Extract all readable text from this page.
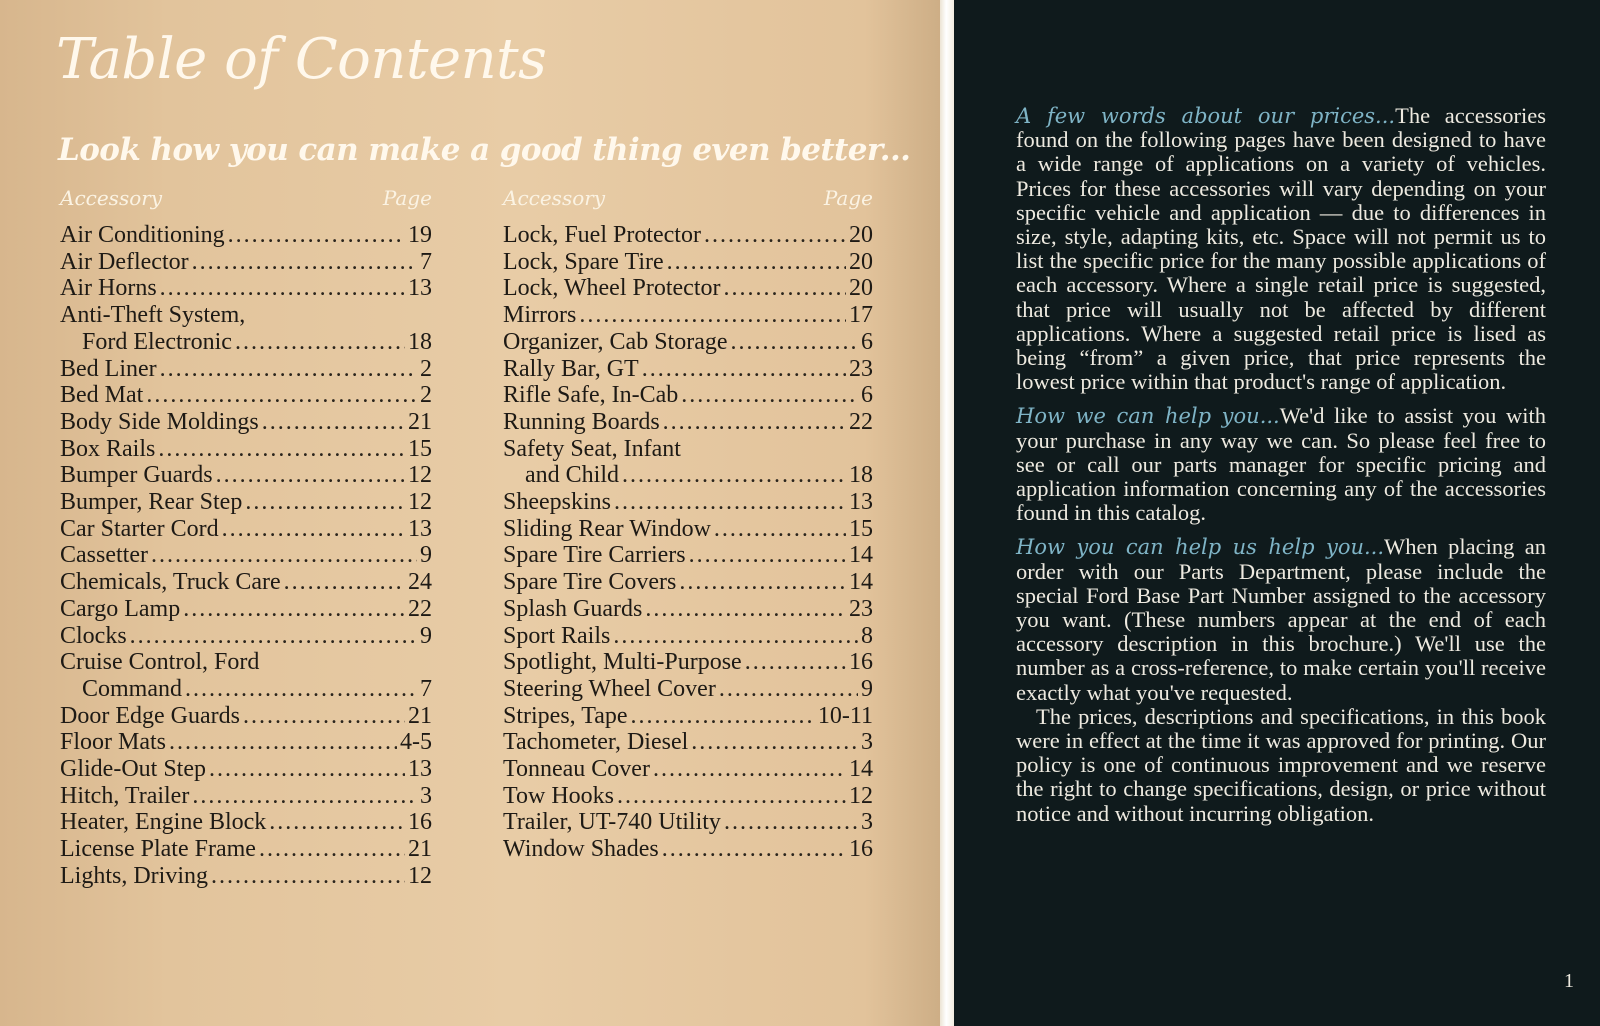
Table of Contents
Look how you can make a good thing even better...
Accessory	Page
Air Conditioning . . .	19
Air Deflector . . .	7
Air Horns . . .	13
Anti-Theft System,
Ford Electronic . . .	18
Bed Liner . . .	2
Bed Mat . . .	2
Body Side Moldings . . .	21
Box Rails . . .	15
Bumper Guards . . .	12
Bumper, Rear Step . . .	12
Car Starter Cord . . .	13
Cassetter . . .	9
Chemicals, Truck Care . . .	24
Cargo Lamp . . .	22
Clocks . . .	9
Cruise Control, Ford
Command . . .	7
Door Edge Guards . . .	21
Floor Mats . . .	4-5
Glide-Out Step . . .	13
Hitch, Trailer . . .	3
Heater, Engine Block . . .	16
License Plate Frame . . .	21
Lights, Driving . . .	12
Accessory	Page
Lock, Fuel Protector . . .	20
Lock, Spare Tire . . .	20
Lock, Wheel Protector . . .	20
Mirrors . . .	17
Organizer, Cab Storage . . .	6
Rally Bar, GT . . .	23
Rifle Safe, In-Cab . . .	6
Running Boards . . .	22
Safety Seat, Infant
and Child . . .	18
Sheepskins . . .	13
Sliding Rear Window . . .	15
Spare Tire Carriers . . .	14
Spare Tire Covers . . .	14
Splash Guards . . .	23
Sport Rails . . .	8
Spotlight, Multi-Purpose . . .	16
Steering Wheel Cover . . .	9
Stripes, Tape . . .	10-11
Tachometer, Diesel . . .	3
Tonneau Cover . . .	14
Tow Hooks . . .	12
Trailer, UT-740 Utility . . .	3
Window Shades . . .	16

A few words about our prices...The accessories found on the following pages have been designed to have a wide range of applications on a variety of vehicles. Prices for these accessories will vary depending on your specific vehicle and application — due to differences in size, style, adapting kits, etc. Space will not permit us to list the specific price for the many possible applications of each accessory. Where a single retail price is suggested, that price will usually not be affected by different applications. Where a suggested retail price is lised as being “from” a given price, that price represents the lowest price within that product's range of application.

How we can help you...We'd like to assist you with your purchase in any way we can. So please feel free to see or call our parts manager for specific pricing and application information concerning any of the accessories found in this catalog.

How you can help us help you...When placing an order with our Parts Department, please include the special Ford Base Part Number assigned to the accessory you want. (These numbers appear at the end of each accessory description in this brochure.) We'll use the number as a cross-reference, to make certain you'll receive exactly what you've requested.

The prices, descriptions and specifications, in this book were in effect at the time it was approved for printing. Our policy is one of continuous improvement and we reserve the right to change specifications, design, or price without notice and without incurring obligation.

1
